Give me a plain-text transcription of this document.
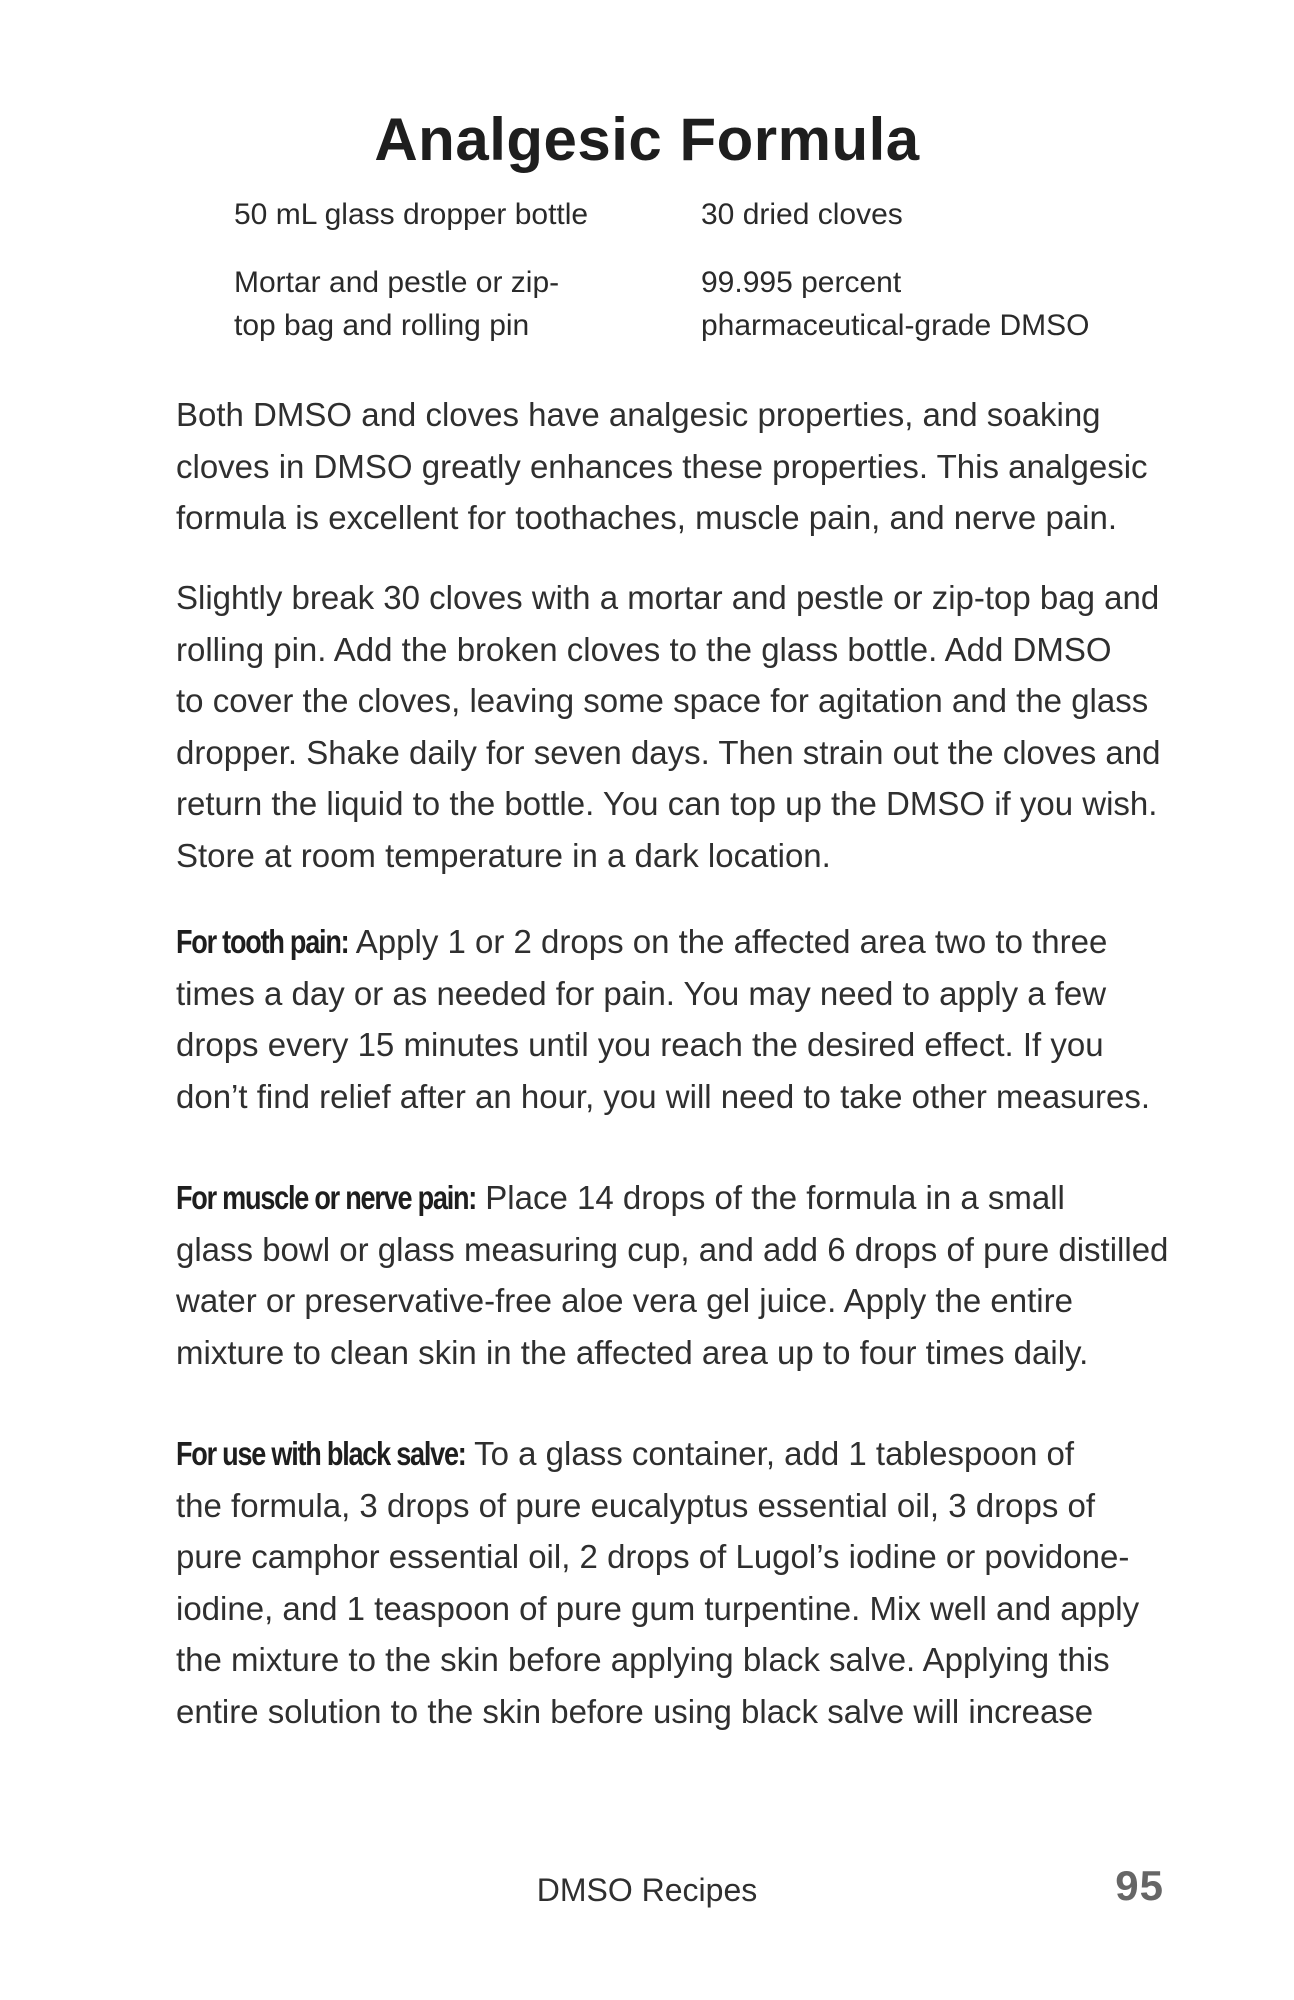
Analgesic Formula
50 mL glass dropper bottle	30 dried cloves
Mortar and pestle or zip-
top bag and rolling pin
99.995 percent
pharmaceutical-grade DMSO
Both DMSO and cloves have analgesic properties, and soaking
cloves in DMSO greatly enhances these properties. This analgesic
formula is excellent for toothaches, muscle pain, and nerve pain.
Slightly break 30 cloves with a mortar and pestle or zip-top bag and
rolling pin. Add the broken cloves to the glass bottle. Add DMSO
to cover the cloves, leaving some space for agitation and the glass
dropper. Shake daily for seven days. Then strain out the cloves and
return the liquid to the bottle. You can top up the DMSO if you wish.
Store at room temperature in a dark location.
For tooth pain: Apply 1 or 2 drops on the affected area two to three
times a day or as needed for pain. You may need to apply a few
drops every 15 minutes until you reach the desired effect. If you
don’t find relief after an hour, you will need to take other measures.
For muscle or nerve pain: Place 14 drops of the formula in a small
glass bowl or glass measuring cup, and add 6 drops of pure distilled
water or preservative-free aloe vera gel juice. Apply the entire
mixture to clean skin in the affected area up to four times daily.
For use with black salve: To a glass container, add 1 tablespoon of
the formula, 3 drops of pure eucalyptus essential oil, 3 drops of
pure camphor essential oil, 2 drops of Lugol’s iodine or povidone-
iodine, and 1 teaspoon of pure gum turpentine. Mix well and apply
the mixture to the skin before applying black salve. Applying this
entire solution to the skin before using black salve will increase
DMSO Recipes	95
